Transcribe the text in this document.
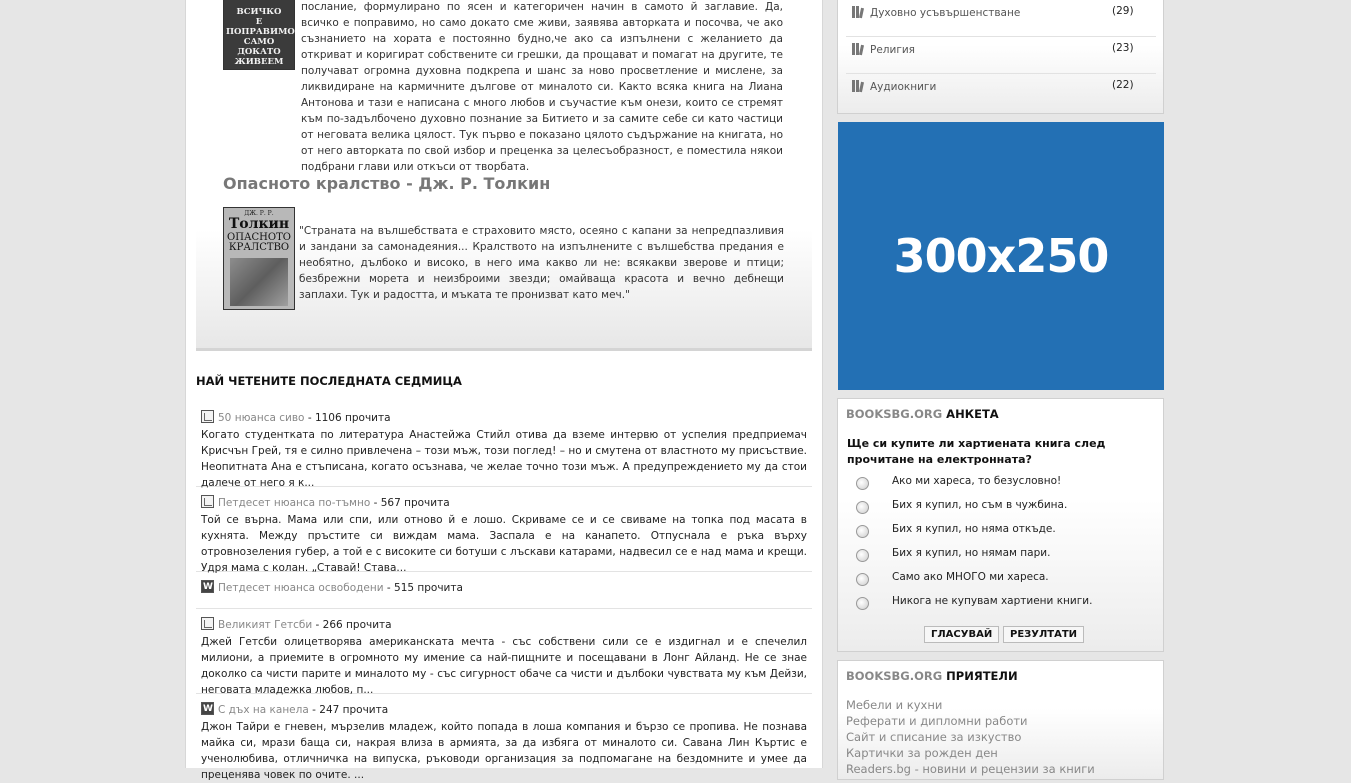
ВСИЧКО
Е ПОПРАВИМО
САМО ДОКАТО
ЖИВЕЕМ
послание, формулирано по ясен и категоричен начин в самото й заглавие. Да, всичко е поправимо, но само докато сме живи, заявява авторката и посочва, че ако съзнанието на хората е постоянно будно,че ако са изпълнени с желанието да откриват и коригират собствените си грешки, да прощават и помагат на другите, те получават огромна духовна подкрепа и шанс за ново просветление и мислене, за ликвидиране на кармичните дългове от миналото си. Както всяка книга на Лиана Антонова и тази е написана с много любов и съучастие към онези, които се стремят към по-задълбочено духовно познание за Битието и за самите себе си като частици от неговата велика цялост. Тук първо е показано цялото съдържание на книгата, но от него авторката по свой избор и преценка за целесъобразност, е поместила някои подбрани глави или откъси от творбата.
Опасното кралство - Дж. Р. Толкин
ДЖ. Р. Р.
Толкин
ОПАСНОТО КРАЛСТВО
"Страната на вълшебствата е страховито място, осеяно с капани за непредпазливия и зандани за самонадеяния... Кралството на изпълнените с вълшебства предания е необятно, дълбоко и високо, в него има какво ли не: всякакви зверове и птици; безбрежни морета и неизброими звезди; омайваща красота и вечно дебнещи заплахи. Тук и радостта, и мъката те пронизват като меч."
НАЙ ЧЕТЕНИТЕ ПОСЛЕДНАТА СЕДМИЦА
50 нюанса сиво - 1106 прочита
Когато студентката по литература Анастейжа Стийл отива да вземе интервю от успелия предприемач Крисчън Грей, тя е силно привлечена – този мъж, този поглед! – но и смутена от властното му присъствие. Неопитната Ана е стъписана, когато осъзнава, че желае точно този мъж. А предупреждението му да стои далече от него я к...
Петдесет нюанса по-тъмно - 567 прочита
Той се върна. Мама или спи, или отново й е лошо. Скриваме се и се свиваме на топка под масата в кухнята. Между пръстите си виждам мама. Заспала е на канапето. Отпуснала е ръка върху отровнозеления губер, а той е с високите си ботуши с лъскави катарами, надвесил се е над мама и крещи. Удря мама с колан. „Ставай! Става...
WПетдесет нюанса освободени - 515 прочита
Великият Гетсби - 266 прочита
Джей Гетсби олицетворява американската мечта - със собствени сили се е издигнал и е спечелил милиони, а приемите в огромното му имение са най-пищните и посещавани в Лонг Айланд. Не се знае доколко са чисти парите и миналото му - със сигурност обаче са чисти и дълбоки чувствата му към Дейзи, неговата младежка любов, п...
WС дъх на канела - 247 прочита
Джон Тайри е гневен, мързелив младеж, който попада в лоша компания и бързо се пропива. Не познава майка си, мрази баща си, накрая влиза в армията, за да избяга от миналото си. Савана Лин Къртис е ученолюбива, отличничка на випуска, ръководи организация за подпомагане на бездомните и умее да преценява човек по очите. ...
Духовно усъвършенстване	(29)
Религия	(23)
Аудиокниги	(22)
300x250
BOOKSBG.ORG АНКЕТА
Ще си купите ли хартиената книга след прочитане на електронната?
Ако ми хареса, то безусловно!
Бих я купил, но съм в чужбина.
Бих я купил, но няма откъде.
Бих я купил, но нямам пари.
Само ако МНОГО ми хареса.
Никога не купувам хартиени книги.
ГЛАСУВАЙ	РЕЗУЛТАТИ
BOOKSBG.ORG ПРИЯТЕЛИ
Мебели и кухни
Реферати и дипломни работи
Сайт и списание за изкуство
Картички за рожден ден
Readers.bg - новини и рецензии за книги
